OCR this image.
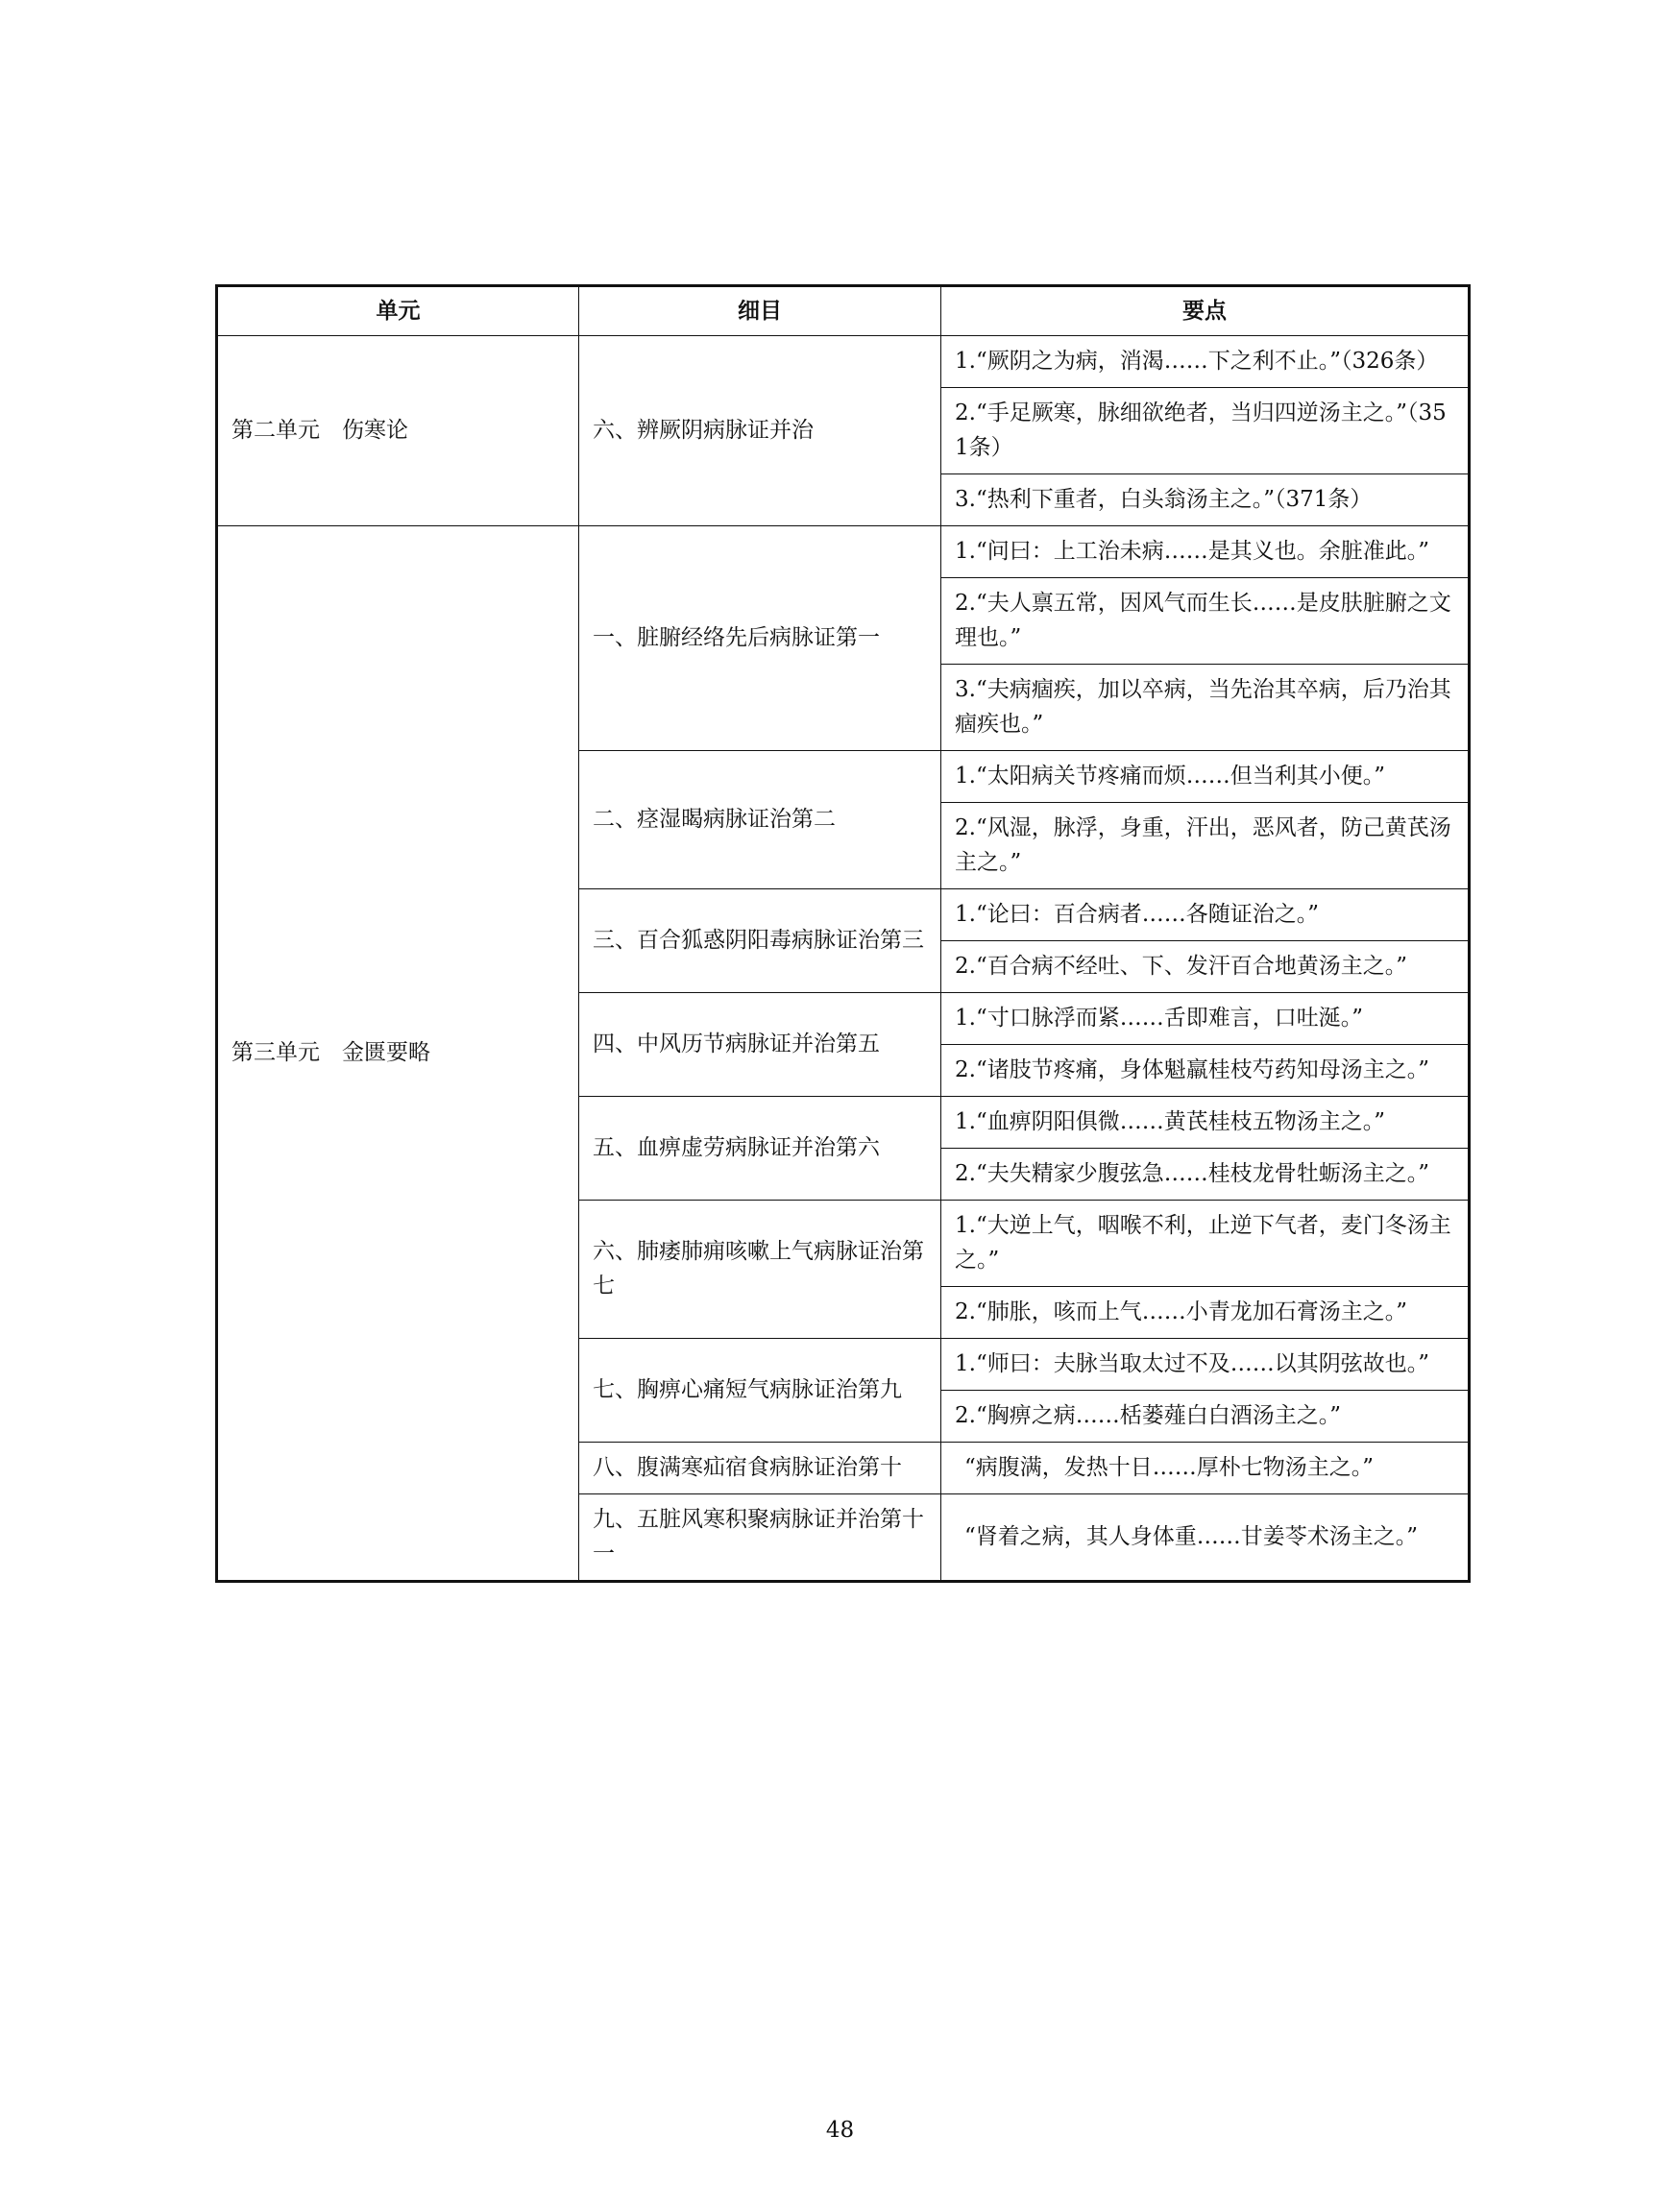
单元	细目	要点
第二单元　伤寒论	六、辨厥阴病脉证并治	1.“厥阴之为病，消渴……下之利不止。”（326条）
		2.“手足厥寒，脉细欲绝者，当归四逆汤主之。”（351条）
		3.“热利下重者，白头翁汤主之。”（371条）
第三单元　金匮要略	一、脏腑经络先后病脉证第一	1.“问曰：上工治未病……是其义也。余脏准此。”
		2.“夫人禀五常，因风气而生长……是皮肤脏腑之文理也。”
		3.“夫病痼疾，加以卒病，当先治其卒病，后乃治其痼疾也。”
	二、痉湿暍病脉证治第二	1.“太阳病关节疼痛而烦……但当利其小便。”
		2.“风湿，脉浮，身重，汗出，恶风者，防己黄芪汤主之。”
	三、百合狐惑阴阳毒病脉证治第三	1.“论曰：百合病者……各随证治之。”
		2.“百合病不经吐、下、发汗百合地黄汤主之。”
	四、中风历节病脉证并治第五	1.“寸口脉浮而紧……舌即难言，口吐涎。”
		2.“诸肢节疼痛，身体魁羸桂枝芍药知母汤主之。”
	五、血痹虚劳病脉证并治第六	1.“血痹阴阳俱微……黄芪桂枝五物汤主之。”
		2.“夫失精家少腹弦急……桂枝龙骨牡蛎汤主之。”
	六、肺痿肺痈咳嗽上气病脉证治第七	1.“大逆上气，咽喉不利，止逆下气者，麦门冬汤主之。”
		2.“肺胀，咳而上气……小青龙加石膏汤主之。”
	七、胸痹心痛短气病脉证治第九	1.“师曰：夫脉当取太过不及……以其阴弦故也。”
		2.“胸痹之病……栝蒌薤白白酒汤主之。”
	八、腹满寒疝宿食病脉证治第十	“病腹满，发热十日……厚朴七物汤主之。”
	九、五脏风寒积聚病脉证并治第十一	“肾着之病，其人身体重……甘姜苓术汤主之。”
48
